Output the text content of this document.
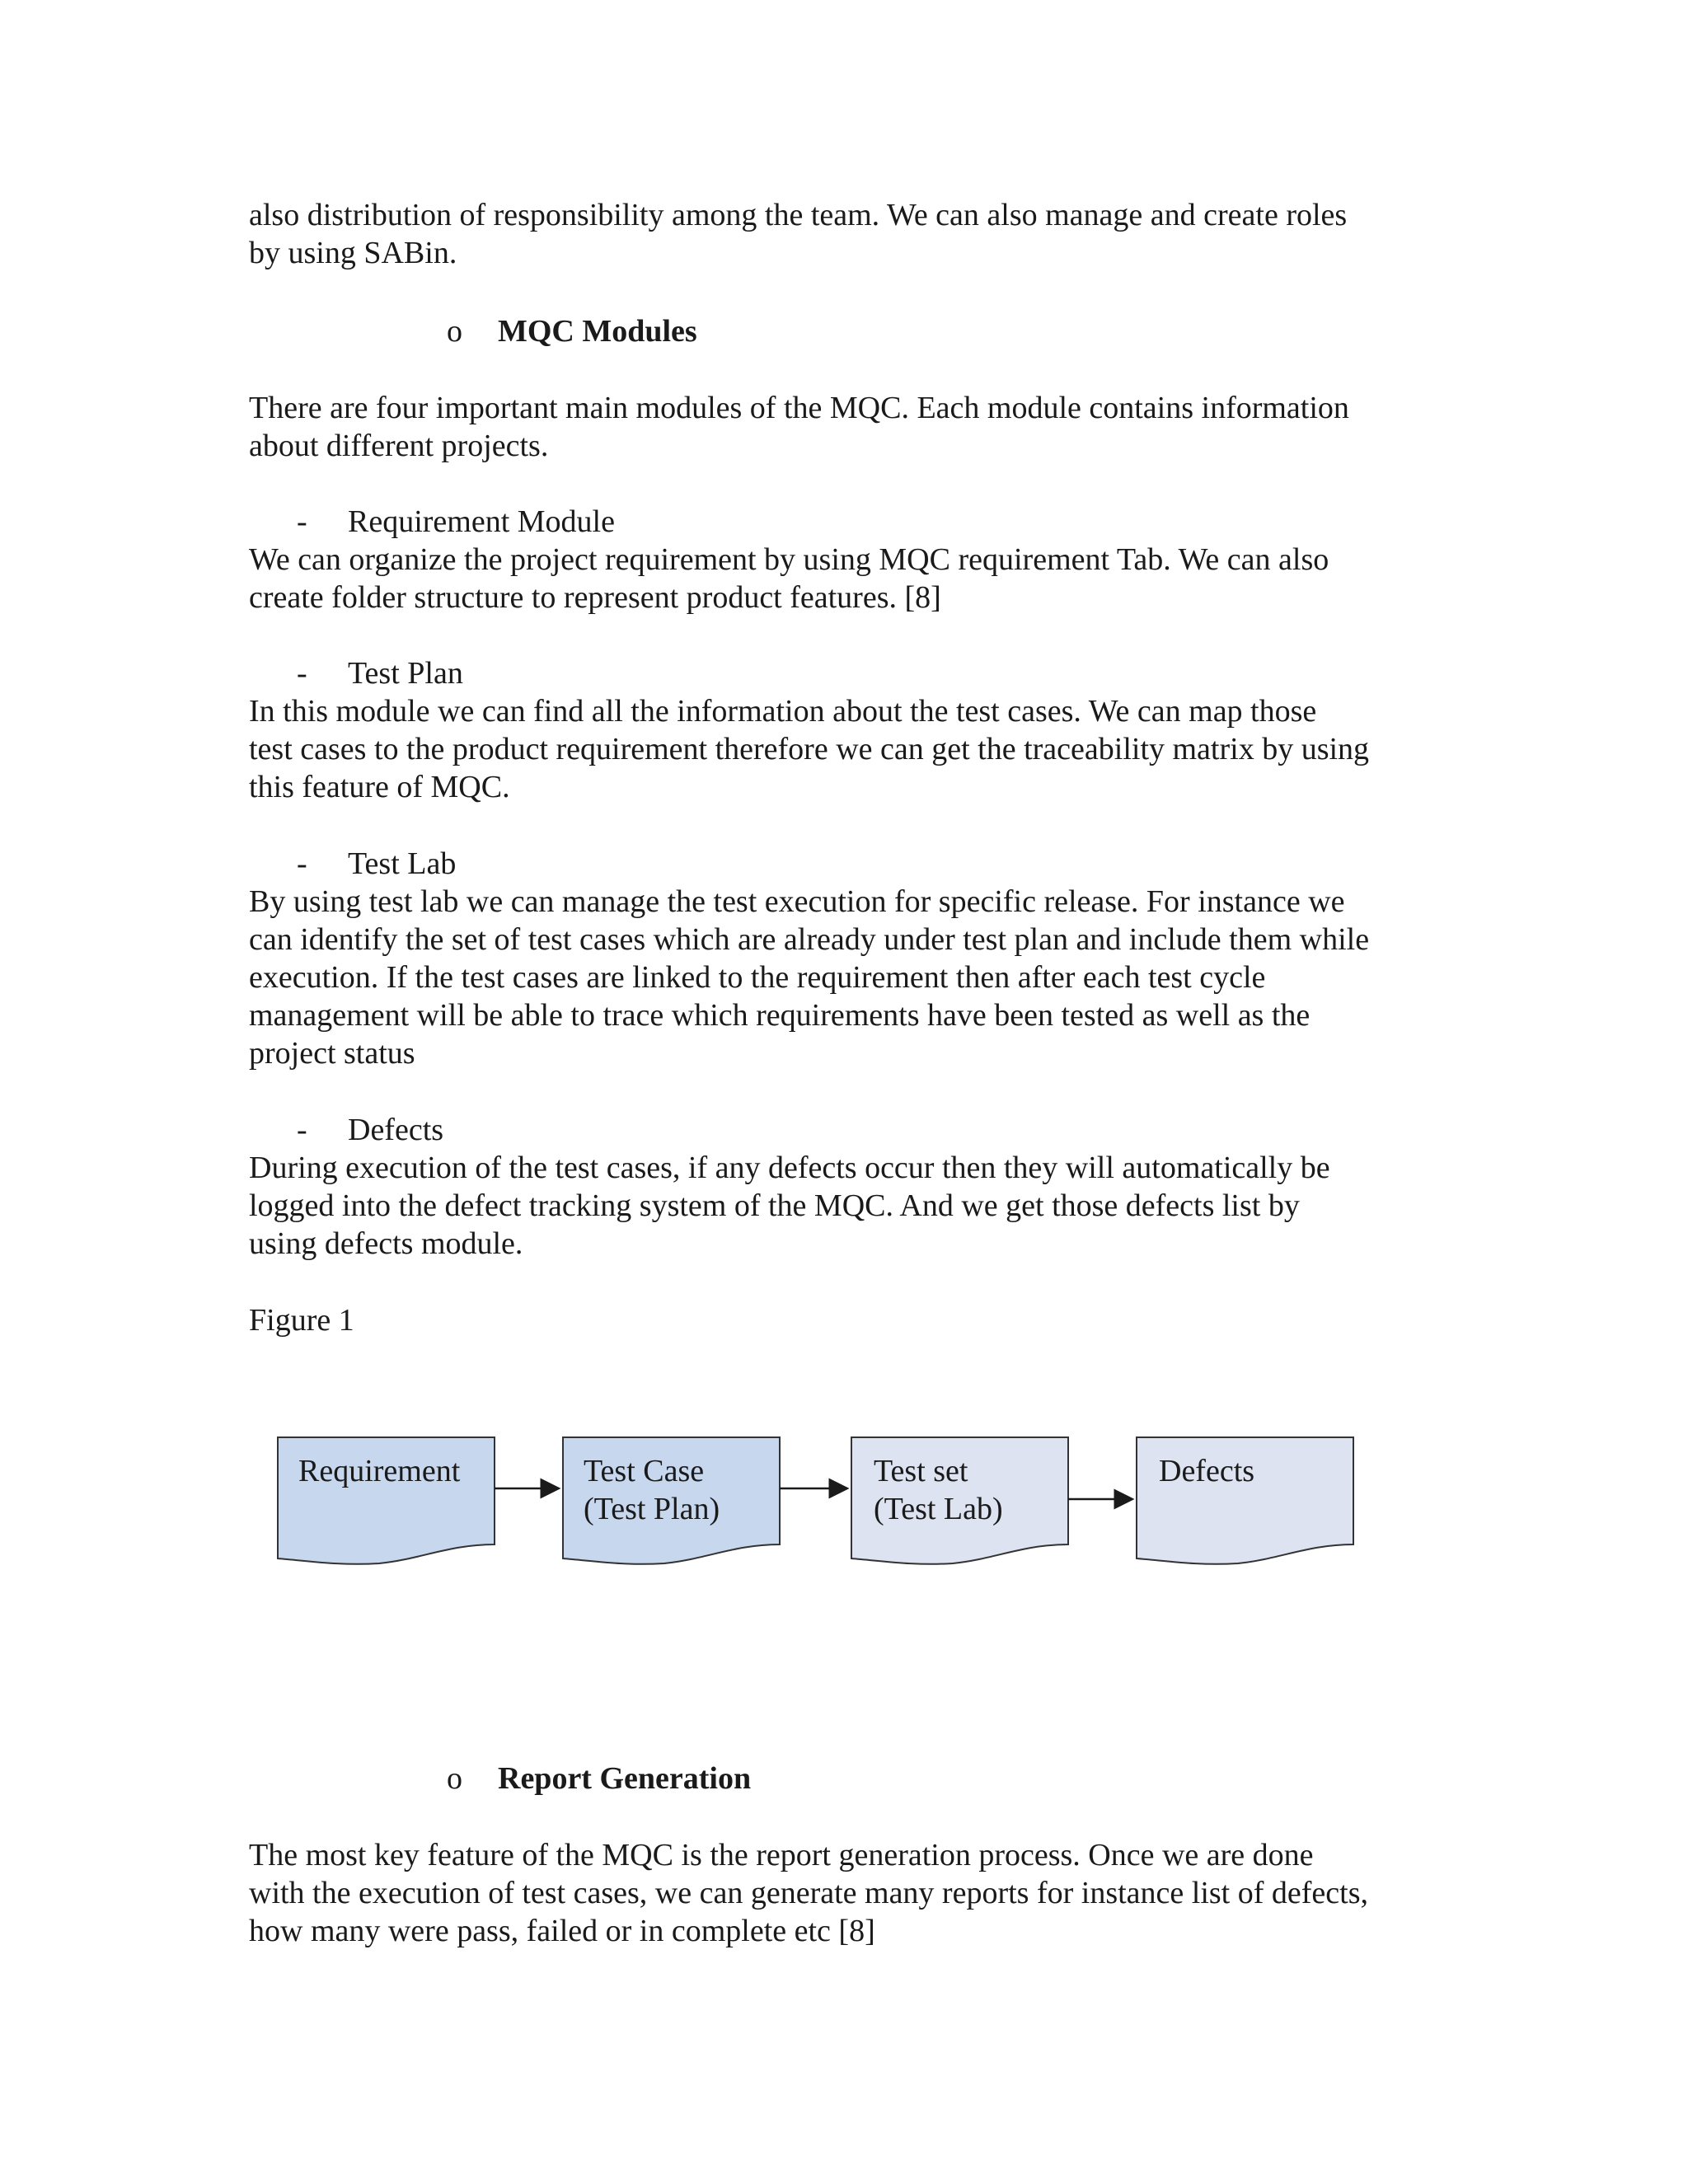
also distribution of responsibility among the team. We can also manage and create roles
by using SABin.

o MQC Modules

There are four important main modules of the MQC. Each module contains information
about different projects.

- Requirement Module

We can organize the project requirement by using MQC requirement Tab. We can also
create folder structure to represent product features. [8]

- Test Plan

In this module we can find all the information about the test cases. We can map those
test cases to the product requirement therefore we can get the traceability matrix by using
this feature of MQC.

- Test Lab

By using test lab we can manage the test execution for specific release. For instance we
can identify the set of test cases which are already under test plan and include them while
execution. If the test cases are linked to the requirement then after each test cycle
management will be able to trace which requirements have been tested as well as the
project status

- Defects

During execution of the test cases, if any defects occur then they will automatically be
logged into the defect tracking system of the MQC. And we get those defects list by
using defects module.

Figure 1

Requirement	Test Case
(Test Plan)
Test set
(Test Lab)
Defects
o Report Generation

The most key feature of the MQC is the report generation process. Once we are done
with the execution of test cases, we can generate many reports for instance list of defects,
how many were pass, failed or in complete etc [8]
